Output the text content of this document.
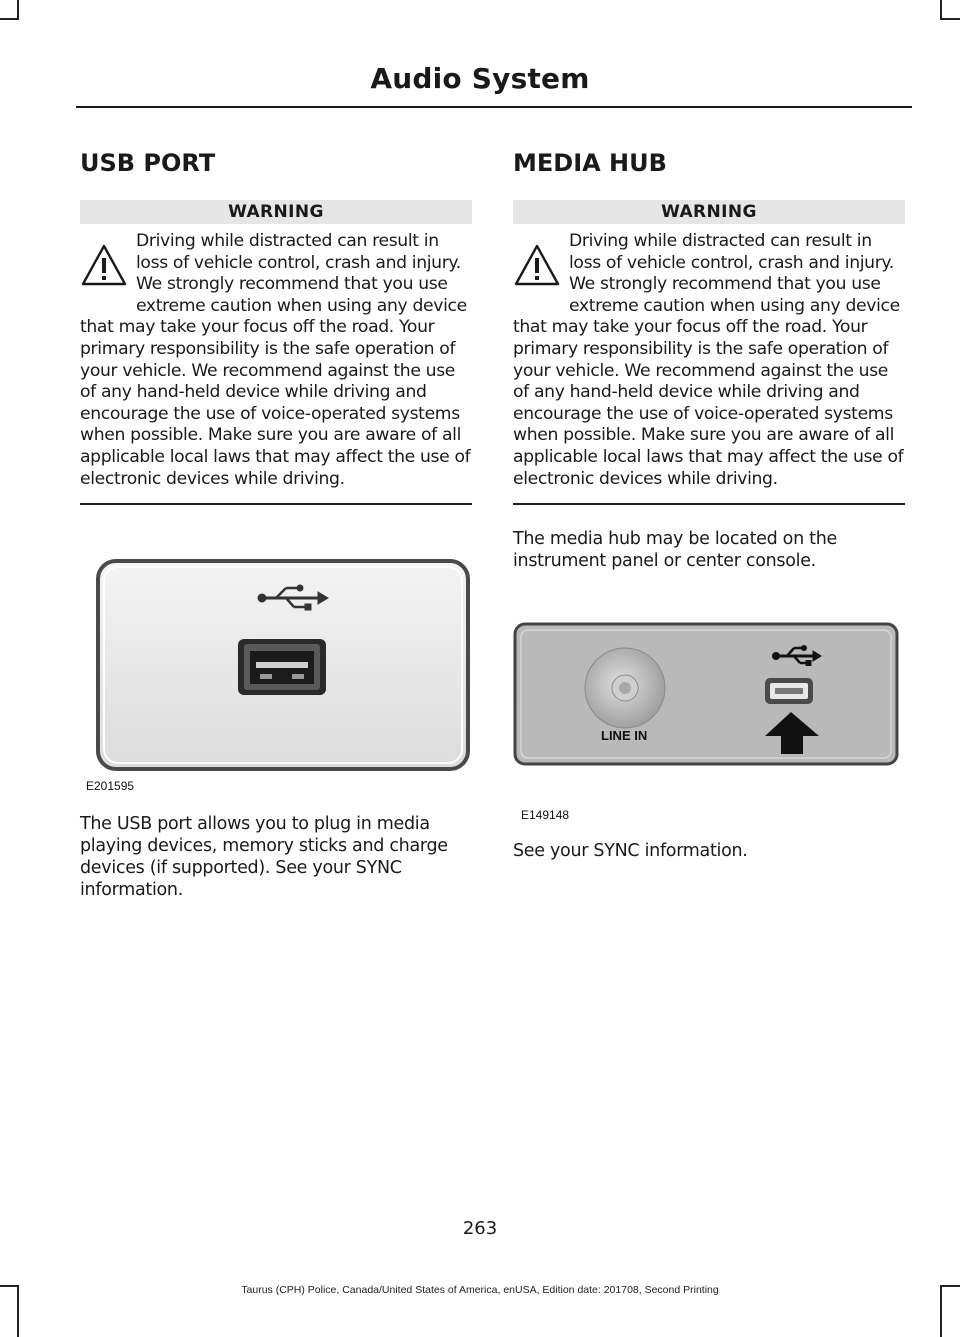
Audio System
USB PORT
WARNING
Driving while distracted can result in loss of vehicle control, crash and injury. We strongly recommend that you use extreme caution when using any device that may take your focus off the road. Your primary responsibility is the safe operation of your vehicle. We recommend against the use of any hand-held device while driving and encourage the use of voice-operated systems when possible. Make sure you are aware of all applicable local laws that may affect the use of electronic devices while driving.
E201595
The USB port allows you to plug in media playing devices, memory sticks and charge devices (if supported). See your SYNC information.
MEDIA HUB
WARNING
Driving while distracted can result in loss of vehicle control, crash and injury. We strongly recommend that you use extreme caution when using any device that may take your focus off the road. Your primary responsibility is the safe operation of your vehicle. We recommend against the use of any hand-held device while driving and encourage the use of voice-operated systems when possible. Make sure you are aware of all applicable local laws that may affect the use of electronic devices while driving.
The media hub may be located on the instrument panel or center console.
LINE IN
E149148
See your SYNC information.
263
Taurus (CPH) Police, Canada/United States of America, enUSA, Edition date: 201708, Second Printing
